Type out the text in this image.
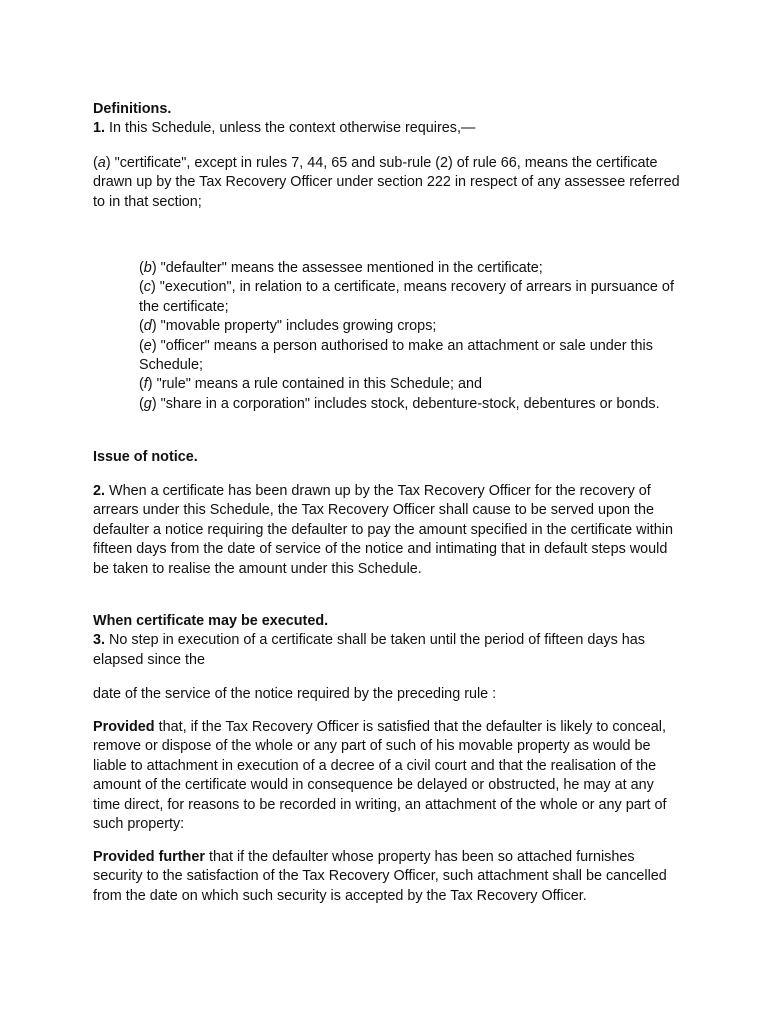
Definitions.
1. In this Schedule, unless the context otherwise requires,—
(a) "certificate", except in rules 7, 44, 65 and sub-rule (2) of rule 66, means the certificate drawn up by the Tax Recovery Officer under section 222 in respect of any assessee referred to in that section;
(b) "defaulter" means the assessee mentioned in the certificate;
(c) "execution", in relation to a certificate, means recovery of arrears in pursuance of the certificate;
(d) "movable property" includes growing crops;
(e) "officer" means a person authorised to make an attachment or sale under this Schedule;
(f) "rule" means a rule contained in this Schedule; and
(g) "share in a corporation" includes stock, debenture-stock, debentures or bonds.
Issue of notice.
2. When a certificate has been drawn up by the Tax Recovery Officer for the recovery of arrears under this Schedule, the Tax Recovery Officer shall cause to be served upon the defaulter a notice requiring the defaulter to pay the amount specified in the certificate within fifteen days from the date of service of the notice and intimating that in default steps would be taken to realise the amount under this Schedule.
When certificate may be executed.
3. No step in execution of a certificate shall be taken until the period of fifteen days has elapsed since the
date of the service of the notice required by the preceding rule :
Provided that, if the Tax Recovery Officer is satisfied that the defaulter is likely to conceal, remove or dispose of the whole or any part of such of his movable property as would be liable to attachment in execution of a decree of a civil court and that the realisation of the amount of the certificate would in consequence be delayed or obstructed, he may at any time direct, for reasons to be recorded in writing, an attachment of the whole or any part of such property:
Provided further that if the defaulter whose property has been so attached furnishes security to the satisfaction of the Tax Recovery Officer, such attachment shall be cancelled from the date on which such security is accepted by the Tax Recovery Officer.
